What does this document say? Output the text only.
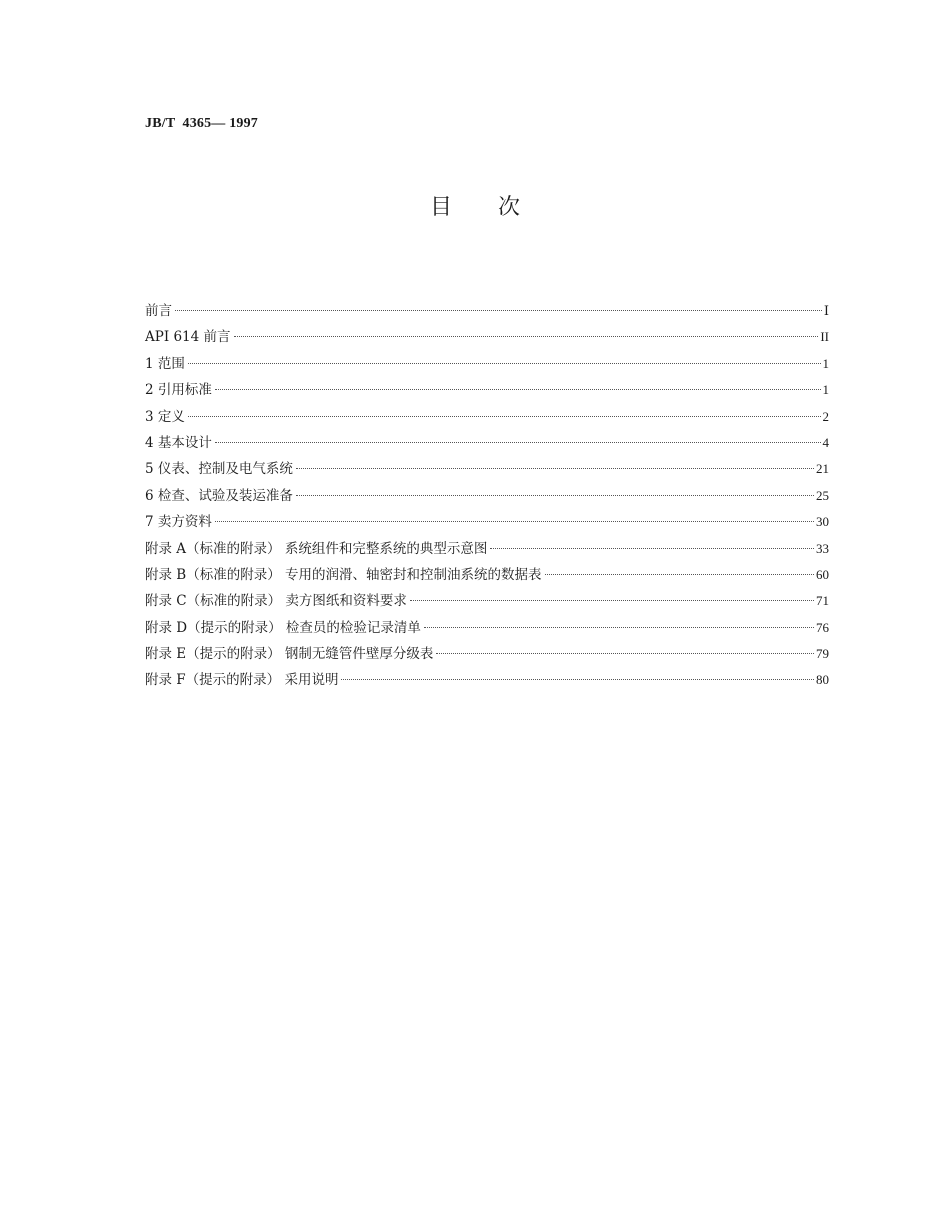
JB/T  4365— 1997
目 次
前言	Ⅰ
API 614 前言	II
1 范围	1
2 引用标准	1
3 定义	2
4 基本设计	4
5 仪表、控制及电气系统	21
6 检查、试验及装运准备	25
7 卖方资料	30
附录 A（标准的附录） 系统组件和完整系统的典型示意图	33
附录 B（标准的附录） 专用的润滑、轴密封和控制油系统的数据表	60
附录 C（标准的附录） 卖方图纸和资料要求	71
附录 D（提示的附录） 检查员的检验记录清单	76
附录 E（提示的附录） 钢制无缝管件壁厚分级表	79
附录 F（提示的附录） 采用说明	80
